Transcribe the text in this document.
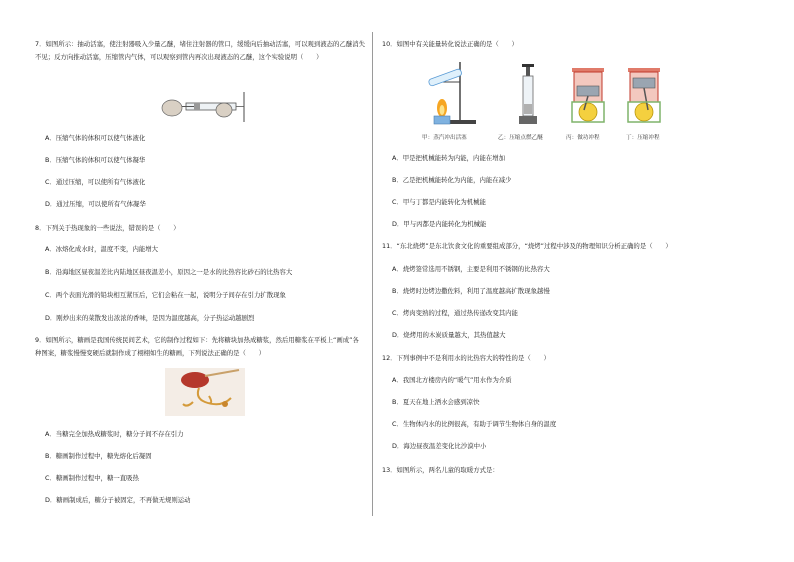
7．如图所示：抽动活塞，使注射器吸入少量乙醚，堵住注射器的管口，缓缓向后抽动活塞，可以观到液态的乙醚消失不见；反方向推动活塞，压缩管内气体，可以观察到管内再次出现液态的乙醚，这个实验说明（　　）
A．压缩气体的体积可以使气体液化
B．压缩气体的体积可以使气体凝华
C．通过压缩，可以使所有气体液化
D．通过压缩，可以使所有气体凝华
8．下列关于热现象的一些说法，错误的是（　　）
A．冰熔化成水时，温度不变，内能增大
B．沿海地区昼夜温差比内陆地区昼夜温差小，原因之一是水的比热容比砂石的比热容大
C．两个表面光滑的铅块相互紧压后，它们会粘在一起，说明分子间存在引力扩散现象
D．刚炒出来的菜散发出浓浓的香味，是因为温度越高，分子热运动越剧烈
9．如图所示，糖画是我国传统民间艺术，它的制作过程如下：先将糖块加热成糖浆，然后用糖浆在平板上“画成”各种图案，糖浆慢慢变硬后就制作成了栩栩如生的糖画，下列说法正确的是（　　）
A．当糖完全加热成糖浆时，糖分子间不存在引力
B．糖画制作过程中，糖先熔化后凝固
C．糖画制作过程中，糖一直吸热
D．糖画制成后，糖分子被固定，不再做无规则运动
10．如图中有关能量转化说法正确的是（　　）
甲：蒸汽冲出活塞	乙：压缩点燃乙醚	丙：做功冲程	丁：压缩冲程
A．甲是把机械能转为内能，内能在增加
B．乙是把机械能转化为内能，内能在减少
C．甲与丁都是内能转化为机械能
D．甲与丙都是内能转化为机械能
11．“东北烧烤”是东北饮食文化的重要组成部分，“烧烤”过程中涉及的物理知识分析正确的是（　　）
A．烧烤签常选用不锈钢，主要是利用不锈钢的比热容大
B．烧烤时边烤边撒佐料，利用了温度越高扩散现象越慢
C．烤肉变熟的过程，通过热传递改变其内能
D．烧烤用的木炭质量越大，其热值越大
12．下列事例中不是利用水的比热容大的特性的是（　　）
A．我国北方楼房内的“暖气”用水作为介质
B．夏天在地上洒水会感到凉快
C．生物体内水的比例很高，有助于调节生物体自身的温度
D．海边昼夜温差变化比沙漠中小
13．如图所示，两名儿童的取暖方式是：
